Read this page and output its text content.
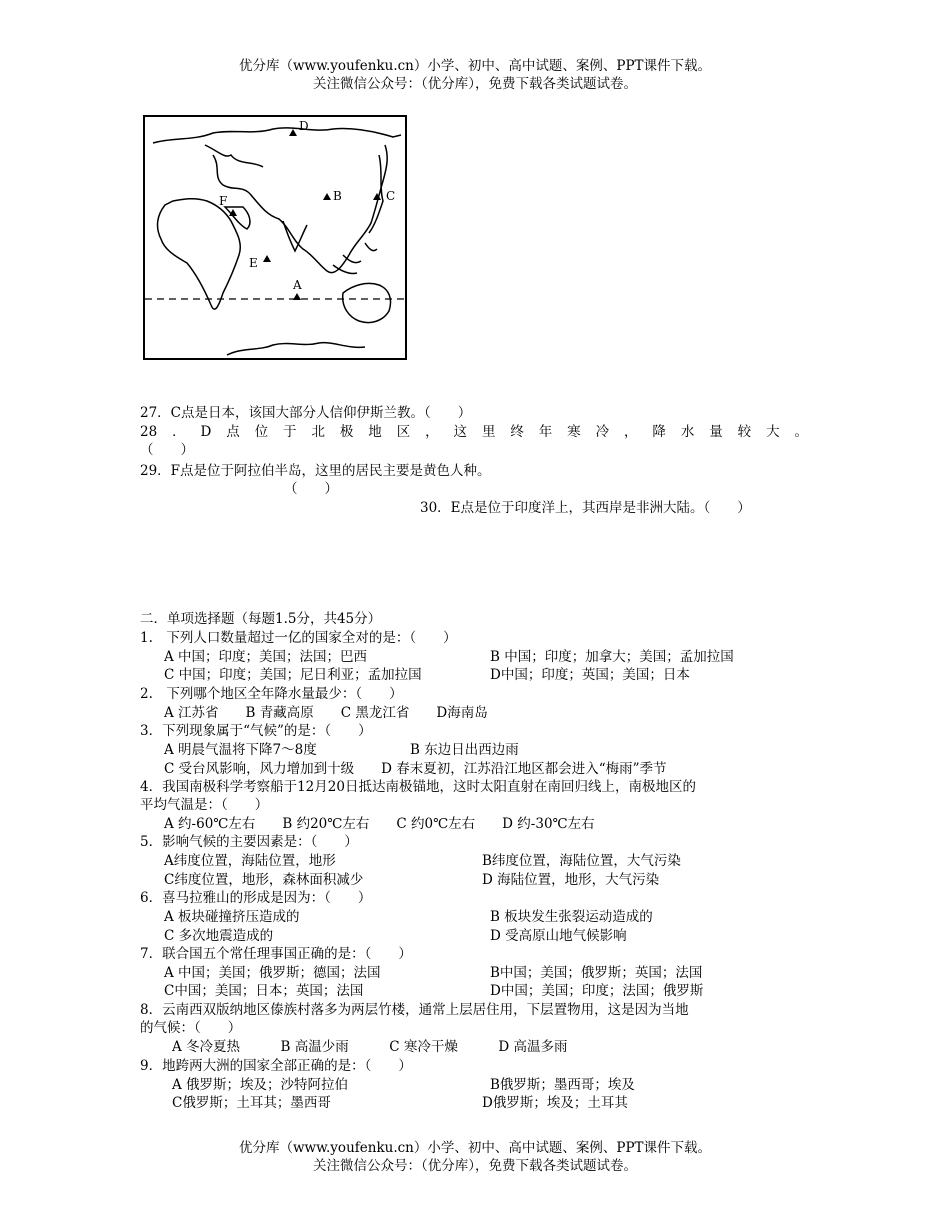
优分库（www.youfenku.cn）小学、初中、高中试题、案例、PPT课件下载。
关注微信公众号：（优分库），免费下载各类试题试卷。
D
B	C
F
E
A
27．C点是日本，该国大部分人信仰伊斯兰教。（　　）
28．D点位于北极地区，这里终年寒冷，降水量较大。
（　　）
29．F点是位于阿拉伯半岛，这里的居民主要是黄色人种。
（　　）
30．E点是位于印度洋上，其西岸是非洲大陆。（　　）
二．单项选择题（每题1.5分，共45分）
1.　下列人口数量超过一亿的国家全对的是：（　　）
A 中国；印度；美国；法国；巴西	B 中国；印度；加拿大；美国；孟加拉国
C 中国；印度；美国；尼日利亚；孟加拉国	D中国；印度；英国；美国；日本
2.　下列哪个地区全年降水量最少：（　　）
A 江苏省　　B 青藏高原　　C 黑龙江省　　D海南岛
3．下列现象属于“气候”的是：（　　）
A 明晨气温将下降7～8度	B 东边日出西边雨
C 受台风影响，风力增加到十级　　D 春末夏初，江苏沿江地区都会进入“梅雨”季节
4．我国南极科学考察船于12月20日抵达南极锚地，这时太阳直射在南回归线上，南极地区的
平均气温是：（　　）
A 约-60℃左右　　B 约20℃左右　　C 约0℃左右　　D 约-30℃左右
5．影响气候的主要因素是：（　　）
A纬度位置，海陆位置，地形	B纬度位置，海陆位置，大气污染
C纬度位置，地形，森林面积减少	D 海陆位置，地形，大气污染
6．喜马拉雅山的形成是因为：（　　）
A 板块碰撞挤压造成的	B 板块发生张裂运动造成的
C 多次地震造成的	D 受高原山地气候影响
7．联合国五个常任理事国正确的是：（　　）
A 中国；美国；俄罗斯；德国；法国	B中国；美国；俄罗斯；英国；法国
C中国；美国；日本；英国；法国	D中国；美国；印度；法国；俄罗斯
8．云南西双版纳地区傣族村落多为两层竹楼，通常上层居住用，下层置物用，这是因为当地
的气候：（　　）
A 冬冷夏热　　　B 高温少雨　　　C 寒冷干燥　　　D 高温多雨
9．地跨两大洲的国家全部正确的是：（　　）
A 俄罗斯；埃及；沙特阿拉伯	B俄罗斯；墨西哥；埃及
C俄罗斯；土耳其；墨西哥	D俄罗斯；埃及；土耳其
优分库（www.youfenku.cn）小学、初中、高中试题、案例、PPT课件下载。
关注微信公众号：（优分库），免费下载各类试题试卷。
